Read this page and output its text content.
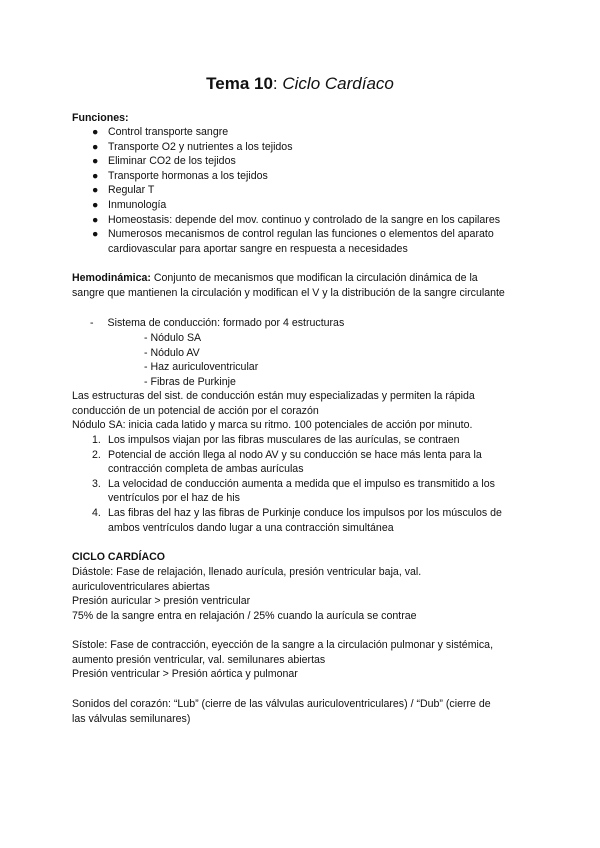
Tema 10: Ciclo Cardíaco
Funciones:
● Control transporte sangre
● Transporte O2 y nutrientes a los tejidos
● Eliminar CO2 de los tejidos
● Transporte hormonas a los tejidos
● Regular T
● Inmunología
● Homeostasis: depende del mov. continuo y controlado de la sangre en los capilares
● Numerosos mecanismos de control regulan las funciones o elementos del aparato
cardiovascular para aportar sangre en respuesta a necesidades
Hemodinámica: Conjunto de mecanismos que modifican la circulación dinámica de la
sangre que mantienen la circulación y modifican el V y la distribución de la sangre circulante
- Sistema de conducción: formado por 4 estructuras
- Nódulo SA
- Nódulo AV
- Haz auriculoventricular
- Fibras de Purkinje
Las estructuras del sist. de conducción están muy especializadas y permiten la rápida
conducción de un potencial de acción por el corazón
Nódulo SA: inicia cada latido y marca su ritmo. 100 potenciales de acción por minuto.
1. Los impulsos viajan por las fibras musculares de las aurículas, se contraen
2. Potencial de acción llega al nodo AV y su conducción se hace más lenta para la
contracción completa de ambas aurículas
3. La velocidad de conducción aumenta a medida que el impulso es transmitido a los
ventrículos por el haz de his
4. Las fibras del haz y las fibras de Purkinje conduce los impulsos por los músculos de
ambos ventrículos dando lugar a una contracción simultánea
CICLO CARDÍACO
Diástole: Fase de relajación, llenado aurícula, presión ventricular baja, val.
auriculoventriculares abiertas
Presión auricular > presión ventricular
75% de la sangre entra en relajación / 25% cuando la aurícula se contrae
Sístole: Fase de contracción, eyección de la sangre a la circulación pulmonar y sistémica,
aumento presión ventricular, val. semilunares abiertas
Presión ventricular > Presión aórtica y pulmonar
Sonidos del corazón: “Lub” (cierre de las válvulas auriculoventriculares) / “Dub” (cierre de
las válvulas semilunares)
